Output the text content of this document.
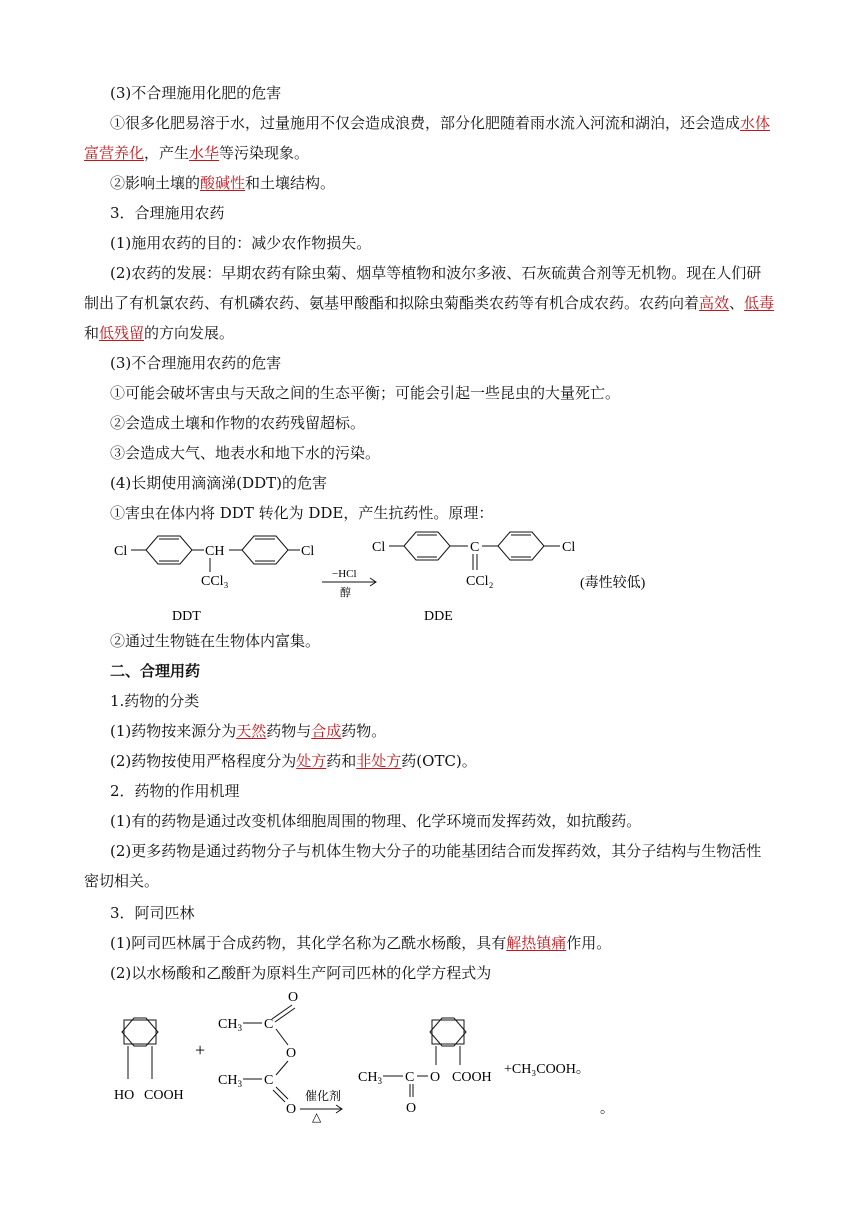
(3)不合理施用化肥的危害
①很多化肥易溶于水，过量施用不仅会造成浪费，部分化肥随着雨水流入河流和湖泊，还会造成水体
富营养化，产生水华等污染现象。
②影响土壤的酸碱性和土壤结构。
3．合理施用农药
(1)施用农药的目的：减少农作物损失。
(2)农药的发展：早期农药有除虫菊、烟草等植物和波尔多液、石灰硫黄合剂等无机物。现在人们研
制出了有机氯农药、有机磷农药、氨基甲酸酯和拟除虫菊酯类农药等有机合成农药。农药向着高效、低毒
和低残留的方向发展。
(3)不合理施用农药的危害
①可能会破坏害虫与天敌之间的生态平衡；可能会引起一些昆虫的大量死亡。
②会造成土壤和作物的农药残留超标。
③会造成大气、地表水和地下水的污染。
(4)长期使用滴滴涕(DDT)的危害
①害虫在体内将 DDT 转化为 DDE，产生抗药性。原理：
Cl	CH	Cl
CCl₃	−HCl
醇
Cl	C	Cl
CCl₂	(毒性较低)
DDT	DDE
②通过生物链在生物体内富集。
二、合理用药
1.药物的分类
(1)药物按来源分为天然药物与合成药物。
(2)药物按使用严格程度分为处方药和非处方药(OTC)。
2．药物的作用机理
(1)有的药物是通过改变机体细胞周围的物理、化学环境而发挥药效，如抗酸药。
(2)更多药物是通过药物分子与机体生物大分子的功能基团结合而发挥药效，其分子结构与生物活性
密切相关。
3．阿司匹林
(1)阿司匹林属于合成药物，其化学名称为乙酰水杨酸，具有解热镇痛作用。
(2)以水杨酸和乙酸酐为原料生产阿司匹林的化学方程式为
HO COOH
+
O
$CH_3$ C
O
$CH_3$ C
O
催化剂
△
$CH_3$ C
O
O COOH
+CH₃COOH。
。
